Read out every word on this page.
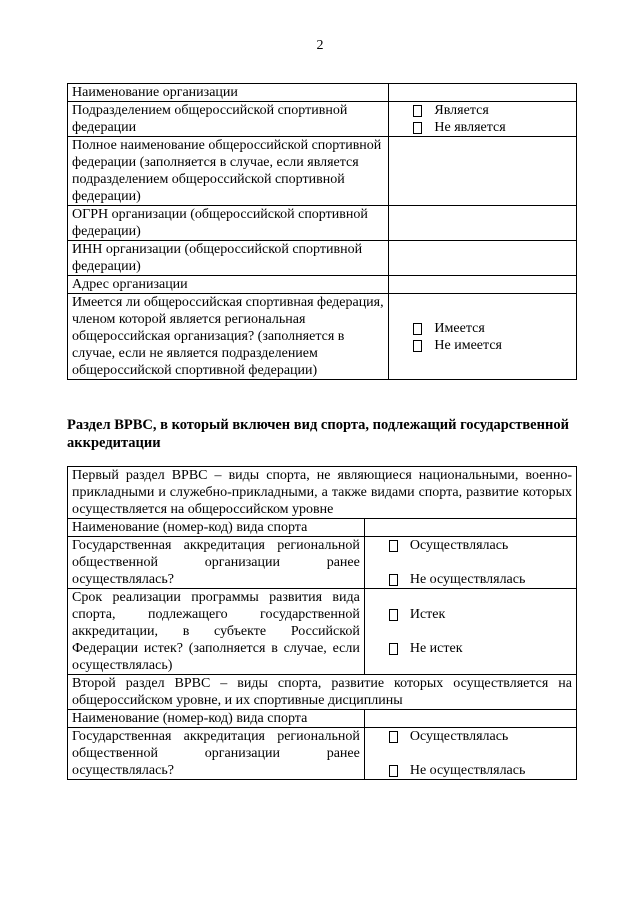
2
Наименование организации	
Подразделением общероссийской спортивной федерации	Является
Не является

Полное наименование общероссийской спортивной федерации (заполняется в случае, если является подразделением общероссийской спортивной федерации)	
ОГРН организации (общероссийской спортивной федерации)	
ИНН организации (общероссийской спортивной федерации)	
Адрес организации	
Имеется ли общероссийская спортивная федерация, членом которой является региональная общероссийская организация? (заполняется в случае, если не является подразделением общероссийской спортивной федерации)	Имеется
Не имеется
Раздел ВРВС, в который включен вид спорта, подлежащий государственной аккредитации
Первый раздел ВРВС – виды спорта, не являющиеся национальными, военно-прикладными и служебно-прикладными, а также видами спорта, развитие которых осуществляется на общероссийском уровне	
Наименование (номер-код) вида спорта	
Государственная аккредитация региональной общественной организации ранее осуществлялась?	Осуществлялась
Не осуществлялась

Срок реализации программы развития вида спорта, подлежащего государственной аккредитации, в субъекте Российской Федерации истек? (заполняется в случае, если осуществлялась)	Истек
Не истек

Второй раздел ВРВС – виды спорта, развитие которых осуществляется на общероссийском уровне, и их спортивные дисциплины	
Наименование (номер-код) вида спорта	
Государственная аккредитация региональной общественной организации ранее осуществлялась?	Осуществлялась
Не осуществлялась
